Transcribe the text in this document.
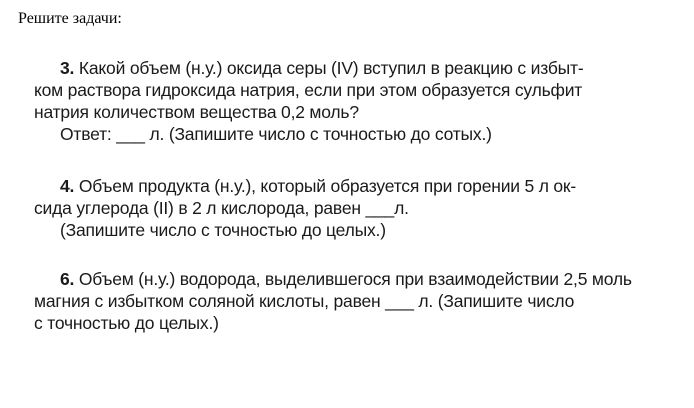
Решите задачи:
3. Какой объем (н.у.) оксида серы (IV) вступил в реакцию с избыт-
ком раствора гидроксида натрия, если при этом образуется сульфит
натрия количеством вещества 0,2 моль?
Ответ: ___ л. (Запишите число с точностью до сотых.)
4. Объем продукта (н.у.), который образуется при горении 5 л ок-
сида углерода (II) в 2 л кислорода, равен ___л.
(Запишите число с точностью до целых.)
6. Объем (н.у.) водорода, выделившегося при взаимодействии 2,5 моль
магния с избытком соляной кислоты, равен ___ л. (Запишите число
с точностью до целых.)
